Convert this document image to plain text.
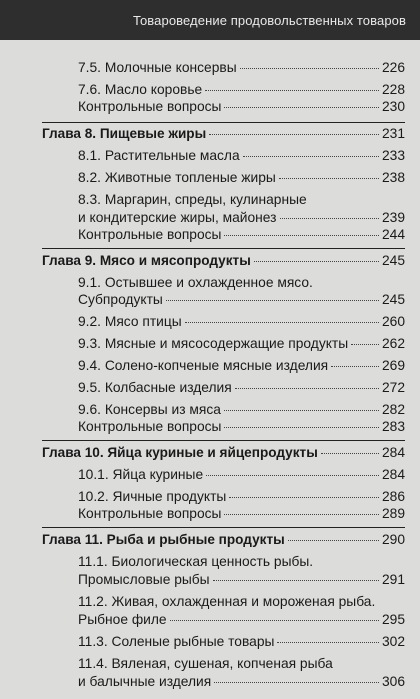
Товароведение продовольственных товаров
7.5. Молочные консервы	226
7.6. Масло коровье	228
Контрольные вопросы	230
Глава 8. Пищевые жиры	231
8.1. Растительные масла	233
8.2. Животные топленые жиры	238
8.3. Маргарин, спреды, кулинарные
и кондитерские жиры, майонез	239
Контрольные вопросы	244
Глава 9. Мясо и мясопродукты	245
9.1. Остывшее и охлажденное мясо.
Субпродукты	245
9.2. Мясо птицы	260
9.3. Мясные и мясосодержащие продукты 262
9.4. Солено-копченые мясные изделия	269
9.5. Колбасные изделия	272
9.6. Консервы из мяса	282
Контрольные вопросы	283
Глава 10. Яйца куриные и яйцепродукты	284
10.1. Яйца куриные	284
10.2. Яичные продукты	286
Контрольные вопросы	289
Глава 11. Рыба и рыбные продукты	290
11.1. Биологическая ценность рыбы.
Промысловые рыбы	291
11.2. Живая, охлажденная и мороженая рыба.
Рыбное филе	295
11.3. Соленые рыбные товары	302
11.4. Вяленая, сушеная, копченая рыба
и балычные изделия	306
